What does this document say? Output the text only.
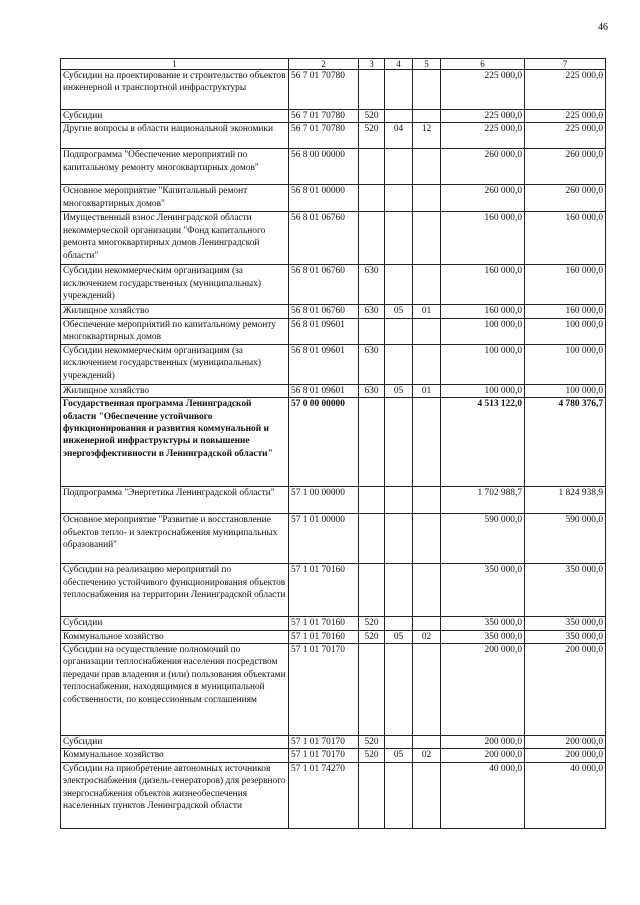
46
1	2	3	4	5	6	7
Субсидии на проектирование и строительство объектов инженерной и транспортной инфраструктуры	56 7 01 70780				225 000,0	225 000,0
Субсидии	56 7 01 70780	520			225 000,0	225 000,0
Другие вопросы в области национальной экономики	56 7 01 70780	520	04	12	225 000,0	225 000,0
Подпрограмма "Обеспечение мероприятий по капитальному ремонту многоквартирных домов"	56 8 00 00000				260 000,0	260 000,0
Основное мероприятие "Капитальный ремонт многоквартирных домов"	56 8 01 00000				260 000,0	260 000,0
Имущественный взнос Ленинградской области некоммерческой организации "Фонд капитального ремонта многоквартирных домов Ленинградской области"	56 8 01 06760				160 000,0	160 000,0
Субсидии некоммерческим организациям (за исключением государственных (муниципальных) учреждений)	56 8 01 06760	630			160 000,0	160 000,0
Жилищное хозяйство	56 8 01 06760	630	05	01	160 000,0	160 000,0
Обеспечение мероприятий по капитальному ремонту многоквартирных домов	56 8 01 09601				100 000,0	100 000,0
Субсидии некоммерческим организациям (за исключением государственных (муниципальных) учреждений)	56 8 01 09601	630			100 000,0	100 000,0
Жилищное хозяйство	56 8 01 09601	630	05	01	100 000,0	100 000,0
Государственная программа Ленинградской области "Обеспечение устойчивого функционирования и развития коммунальной и инженерной инфраструктуры и повышение энергоэффективности в Ленинградской области"	57 0 00 00000				4 513 122,0	4 780 376,7
Подпрограмма "Энергетика Ленинградской области"	57 1 00 00000				1 702 988,7	1 824 938,9
Основное мероприятие "Развитие и восстановление объектов тепло- и электроснабжения муниципальных образований"	57 1 01 00000				590 000,0	590 000,0
Субсидии на реализацию мероприятий по обеспечению устойчивого функционирования объектов теплоснабжения на территории Ленинградской области	57 1 01 70160				350 000,0	350 000,0
Субсидии	57 1 01 70160	520			350 000,0	350 000,0
Коммунальное хозяйство	57 1 01 70160	520	05	02	350 000,0	350 000,0
Субсидии на осуществление полномочий по организации теплоснабжения населения посредством передачи прав владения и (или) пользования объектами теплоснабжения, находящимися в муниципальной собственности, по концессионным соглашениям	57 1 01 70170				200 000,0	200 000,0
Субсидии	57 1 01 70170	520			200 000,0	200 000,0
Коммунальное хозяйство	57 1 01 70170	520	05	02	200 000,0	200 000,0
Субсидии на приобретение автономных источников электроснабжения (дизель-генераторов) для резервного энергоснабжения объектов жизнеобеспечения населенных пунктов Ленинградской области	57 1 01 74270				40 000,0	40 000,0
